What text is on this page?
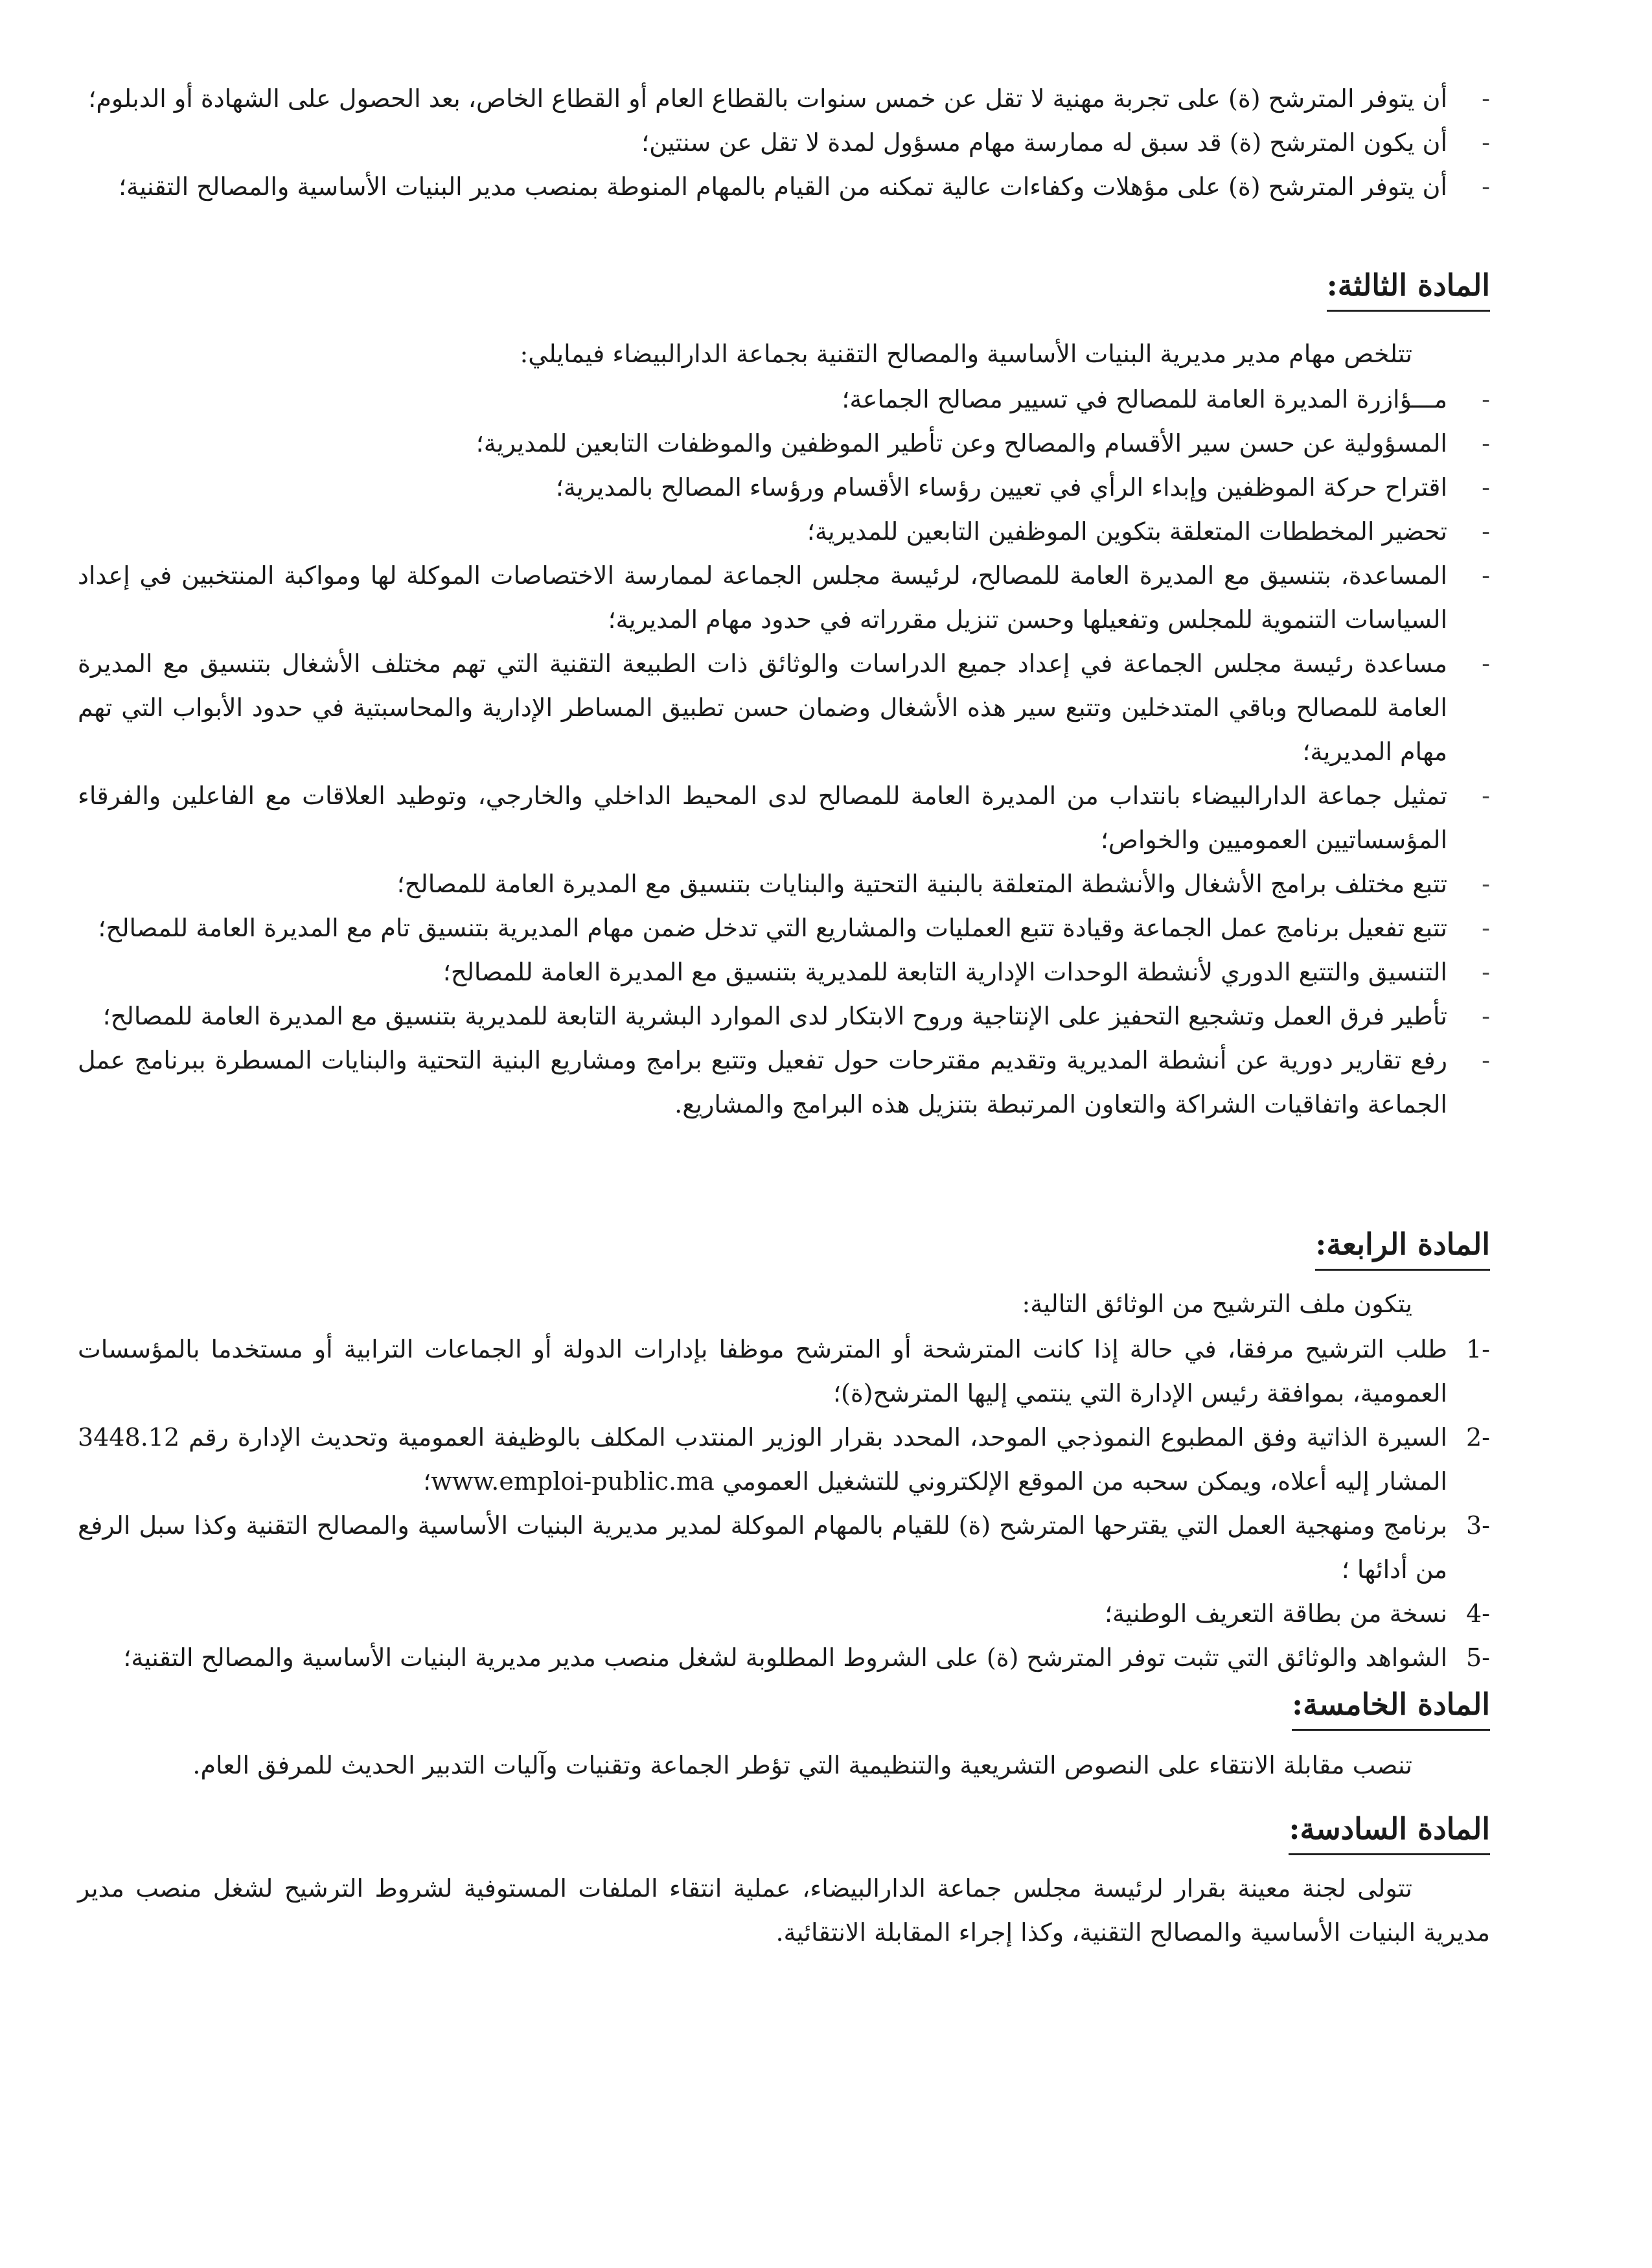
- أن يتوفر المترشح (ة) على تجربة مهنية لا تقل عن خمس سنوات بالقطاع العام أو القطاع الخاص، بعد الحصول على الشهادة أو الدبلوم؛
- أن يكون المترشح (ة) قد سبق له ممارسة مهام مسؤول لمدة لا تقل عن سنتين؛
- أن يتوفر المترشح (ة) على مؤهلات وكفاءات عالية تمكنه من القيام بالمهام المنوطة بمنصب مدير البنيات الأساسية والمصالح التقنية؛
المادة الثالثة:
تتلخص مهام مدير مديرية البنيات الأساسية والمصالح التقنية بجماعة الدارالبيضاء فيمايلي:
- مـــؤازرة المديرة العامة للمصالح في تسيير مصالح الجماعة؛
- المسؤولية عن حسن سير الأقسام والمصالح وعن تأطير الموظفين والموظفات التابعين للمديرية؛
- اقتراح حركة الموظفين وإبداء الرأي في تعيين رؤساء الأقسام ورؤساء المصالح بالمديرية؛
- تحضير المخططات المتعلقة بتكوين الموظفين التابعين للمديرية؛
- المساعدة، بتنسيق مع المديرة العامة للمصالح، لرئيسة مجلس الجماعة لممارسة الاختصاصات الموكلة لها ومواكبة المنتخبين في إعداد السياسات التنموية للمجلس وتفعيلها وحسن تنزيل مقرراته في حدود مهام المديرية؛
- مساعدة رئيسة مجلس الجماعة في إعداد جميع الدراسات والوثائق ذات الطبيعة التقنية التي تهم مختلف الأشغال بتنسيق مع المديرة العامة للمصالح وباقي المتدخلين وتتبع سير هذه الأشغال وضمان حسن تطبيق المساطر الإدارية والمحاسبتية في حدود الأبواب التي تهم مهام المديرية؛
- تمثيل جماعة الدارالبيضاء بانتداب من المديرة العامة للمصالح لدى المحيط الداخلي والخارجي، وتوطيد العلاقات مع الفاعلين والفرقاء المؤسساتيين العموميين والخواص؛
- تتبع مختلف برامج الأشغال والأنشطة المتعلقة بالبنية التحتية والبنايات بتنسيق مع المديرة العامة للمصالح؛
- تتبع تفعيل برنامج عمل الجماعة وقيادة تتبع العمليات والمشاريع التي تدخل ضمن مهام المديرية بتنسيق تام مع المديرة العامة للمصالح؛
- التنسيق والتتبع الدوري لأنشطة الوحدات الإدارية التابعة للمديرية بتنسيق مع المديرة العامة للمصالح؛
- تأطير فرق العمل وتشجيع التحفيز على الإنتاجية وروح الابتكار لدى الموارد البشرية التابعة للمديرية بتنسيق مع المديرة العامة للمصالح؛
- رفع تقارير دورية عن أنشطة المديرية وتقديم مقترحات حول تفعيل وتتبع برامج ومشاريع البنية التحتية والبنايات المسطرة ببرنامج عمل الجماعة واتفاقيات الشراكة والتعاون المرتبطة بتنزيل هذه البرامج والمشاريع.
المادة الرابعة:
يتكون ملف الترشيح من الوثائق التالية:
-1
طلب الترشيح مرفقا، في حالة إذا كانت المترشحة أو المترشح موظفا بإدارات الدولة أو الجماعات الترابية أو مستخدما بالمؤسسات العمومية، بموافقة رئيس الإدارة التي ينتمي إليها المترشح(ة)؛
-2
السيرة الذاتية وفق المطبوع النموذجي الموحد، المحدد بقرار الوزير المنتدب المكلف بالوظيفة العمومية وتحديث الإدارة رقم 3448.12 المشار إليه أعلاه، ويمكن سحبه من الموقع الإلكتروني للتشغيل العمومي www.emploi-public.ma؛
-3
برنامج ومنهجية العمل التي يقترحها المترشح (ة) للقيام بالمهام الموكلة لمدير مديرية البنيات الأساسية والمصالح التقنية وكذا سبل الرفع من أدائها ؛
-4
نسخة من بطاقة التعريف الوطنية؛
-5
الشواهد والوثائق التي تثبت توفر المترشح (ة) على الشروط المطلوبة لشغل منصب مدير مديرية البنيات الأساسية والمصالح التقنية؛
المادة الخامسة:
تنصب مقابلة الانتقاء على النصوص التشريعية والتنظيمية التي تؤطر الجماعة وتقنيات وآليات التدبير الحديث للمرفق العام.
المادة السادسة:
تتولى لجنة معينة بقرار لرئيسة مجلس جماعة الدارالبيضاء، عملية انتقاء الملفات المستوفية لشروط الترشيح لشغل منصب مدير مديرية البنيات الأساسية والمصالح التقنية، وكذا إجراء المقابلة الانتقائية.
